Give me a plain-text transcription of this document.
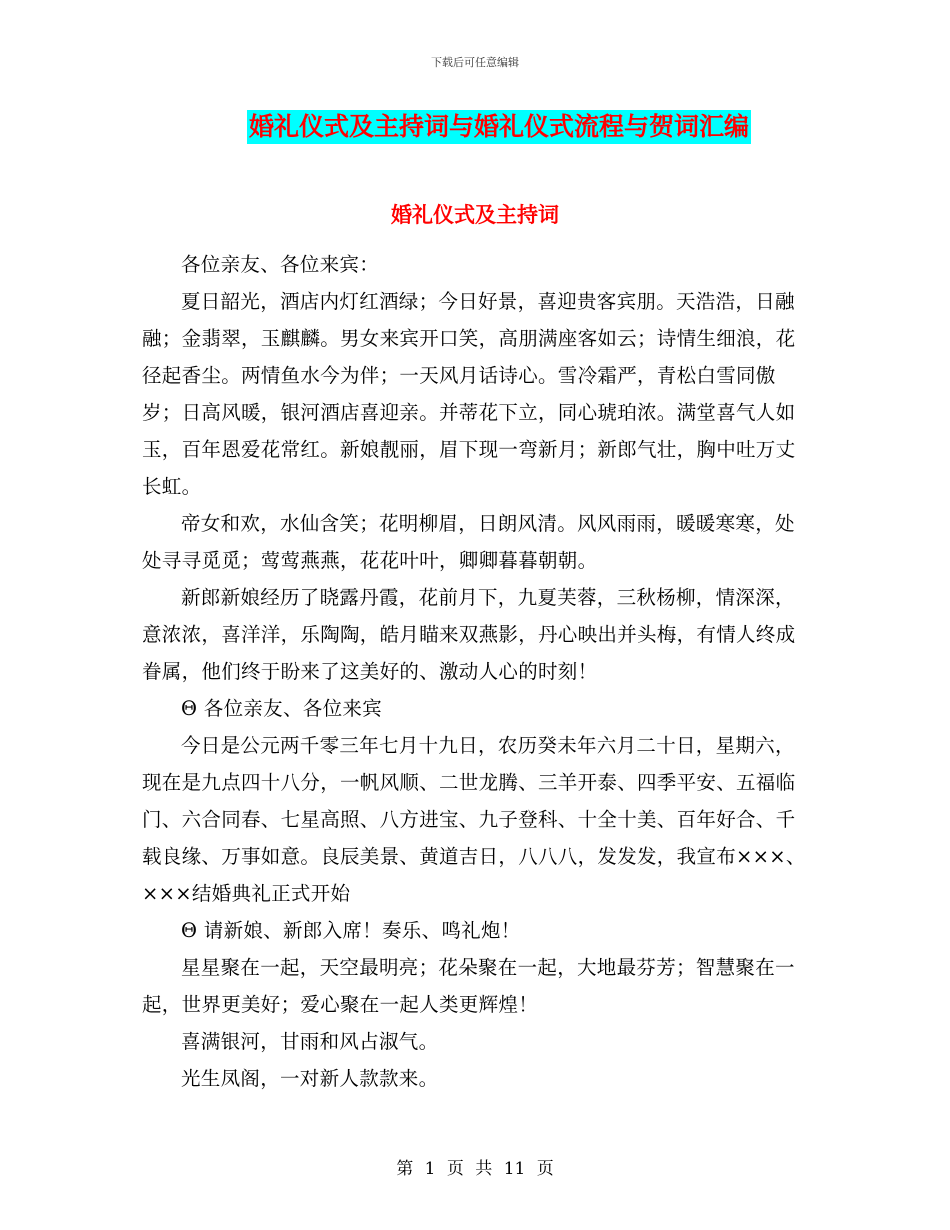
下载后可任意编辑
婚礼仪式及主持词与婚礼仪式流程与贺词汇编
婚礼仪式及主持词

各位亲友、各位来宾：

夏日韶光，酒店内灯红酒绿；今日好景，喜迎贵客宾朋。天浩浩，日融融；金翡翠，玉麒麟。男女来宾开口笑，高朋满座客如云；诗情生细浪，花径起香尘。两情鱼水今为伴；一天风月话诗心。雪冷霜严，青松白雪同傲岁；日高风暖，银河酒店喜迎亲。并蒂花下立，同心琥珀浓。满堂喜气人如玉，百年恩爱花常红。新娘靓丽，眉下现一弯新月；新郎气壮，胸中吐万丈长虹。

帝女和欢，水仙含笑；花明柳眉，日朗风清。风风雨雨，暖暖寒寒，处处寻寻觅觅；莺莺燕燕，花花叶叶，卿卿暮暮朝朝。

新郎新娘经历了晓露丹霞，花前月下，九夏芙蓉，三秋杨柳，情深深，意浓浓，喜洋洋，乐陶陶，皓月瞄来双燕影，丹心映出并头梅，有情人终成眷属，他们终于盼来了这美好的、激动人心的时刻！

Θ 各位亲友、各位来宾

今日是公元两千零三年七月十九日，农历癸未年六月二十日，星期六，现在是九点四十八分，一帆风顺、二世龙腾、三羊开泰、四季平安、五福临门、六合同春、七星高照、八方进宝、九子登科、十全十美、百年好合、千载良缘、万事如意。良辰美景、黄道吉日，八八八，发发发，我宣布×××、×××结婚典礼正式开始

Θ 请新娘、新郎入席！奏乐、鸣礼炮！

星星聚在一起，天空最明亮；花朵聚在一起，大地最芬芳；智慧聚在一起，世界更美好；爱心聚在一起人类更辉煌！

喜满银河，甘雨和风占淑气。

光生凤阁，一对新人款款来。

第 1 页 共 11 页
